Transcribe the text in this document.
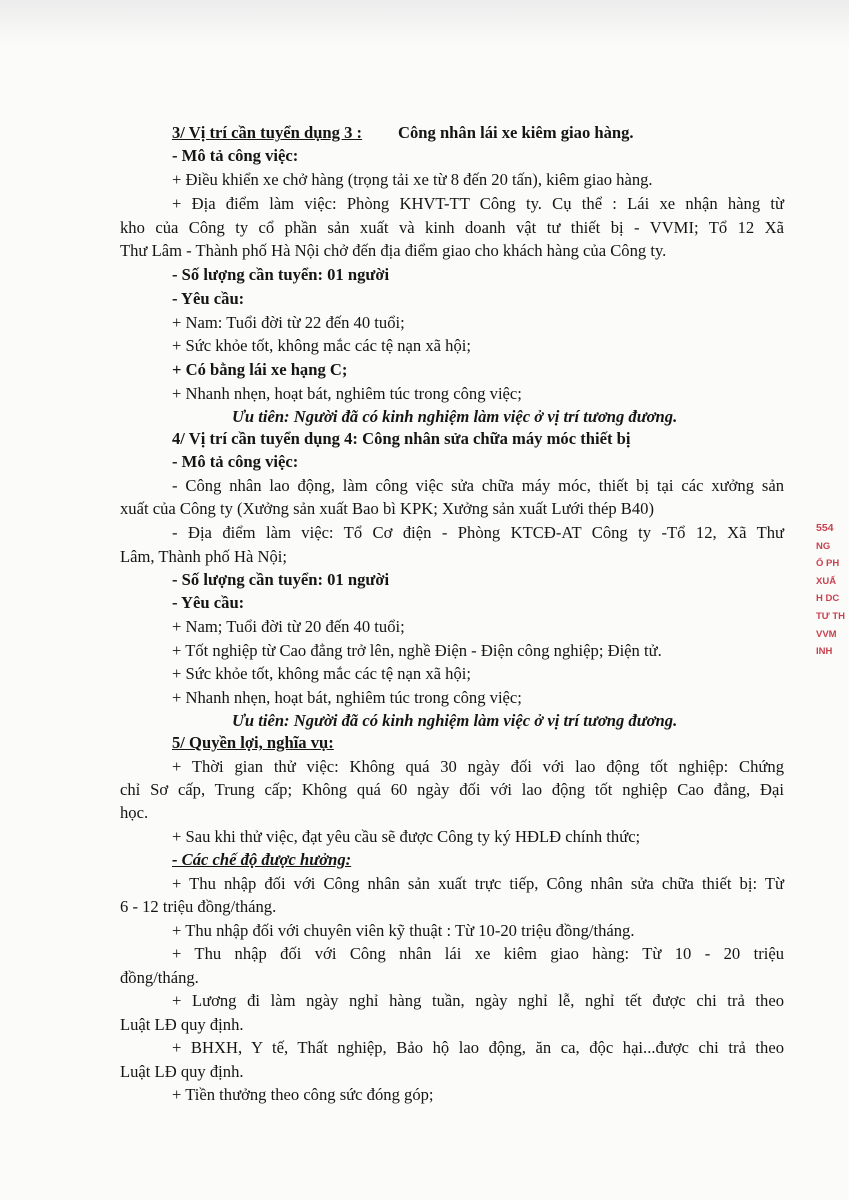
3/ Vị trí cần tuyển dụng 3 : Công nhân lái xe kiêm giao hàng.
- Mô tả công việc:
+ Điều khiển xe chở hàng (trọng tải xe từ 8 đến 20 tấn), kiêm giao hàng.
+ Địa điểm làm việc: Phòng KHVT-TT Công ty. Cụ thể : Lái xe nhận hàng từ
kho của Công ty cổ phần sản xuất và kinh doanh vật tư thiết bị - VVMI; Tổ 12 Xã
Thư Lâm - Thành phố Hà Nội chở đến địa điểm giao cho khách hàng của Công ty.
- Số lượng cần tuyển: 01 người
- Yêu cầu:
+ Nam: Tuổi đời từ 22 đến 40 tuổi;
+ Sức khỏe tốt, không mắc các tệ nạn xã hội;
+ Có bằng lái xe hạng C;
+ Nhanh nhẹn, hoạt bát, nghiêm túc trong công việc;
Ưu tiên: Người đã có kinh nghiệm làm việc ở vị trí tương đương.
4/ Vị trí cần tuyển dụng 4: Công nhân sửa chữa máy móc thiết bị
- Mô tả công việc:
- Công nhân lao động, làm công việc sửa chữa máy móc, thiết bị tại các xưởng sản
xuất của Công ty (Xưởng sản xuất Bao bì KPK; Xưởng sản xuất Lưới thép B40)
- Địa điểm làm việc: Tổ Cơ điện - Phòng KTCĐ-AT Công ty -Tổ 12, Xã Thư
Lâm, Thành phố Hà Nội;
- Số lượng cần tuyển: 01 người
- Yêu cầu:
+ Nam; Tuổi đời từ 20 đến 40 tuổi;
+ Tốt nghiệp từ Cao đẳng trở lên, nghề Điện - Điện công nghiệp; Điện tử.
+ Sức khỏe tốt, không mắc các tệ nạn xã hội;
+ Nhanh nhẹn, hoạt bát, nghiêm túc trong công việc;
Ưu tiên: Người đã có kinh nghiệm làm việc ở vị trí tương đương.
5/ Quyền lợi, nghĩa vụ:
+ Thời gian thử việc: Không quá 30 ngày đối với lao động tốt nghiệp: Chứng
chỉ Sơ cấp, Trung cấp; Không quá 60 ngày đối với lao động tốt nghiệp Cao đẳng, Đại
học.
+ Sau khi thử việc, đạt yêu cầu sẽ được Công ty ký HĐLĐ chính thức;
- Các chế độ được hưởng:
+ Thu nhập đối với Công nhân sản xuất trực tiếp, Công nhân sửa chữa thiết bị: Từ
6 - 12 triệu đồng/tháng.
+ Thu nhập đối với chuyên viên kỹ thuật : Từ 10-20 triệu đồng/tháng.
+ Thu nhập đối với Công nhân lái xe kiêm giao hàng: Từ 10 - 20 triệu
đồng/tháng.
+ Lương đi làm ngày nghỉ hàng tuần, ngày nghỉ lễ, nghỉ tết được chi trả theo
Luật LĐ quy định.
+ BHXH, Y tế, Thất nghiệp, Bảo hộ lao động, ăn ca, độc hại...được chi trả theo
Luật LĐ quy định.
+ Tiền thưởng theo công sức đóng góp;
554
NG
Ổ PH
XUẤ
H DC
TƯ TH
VVM
INH
